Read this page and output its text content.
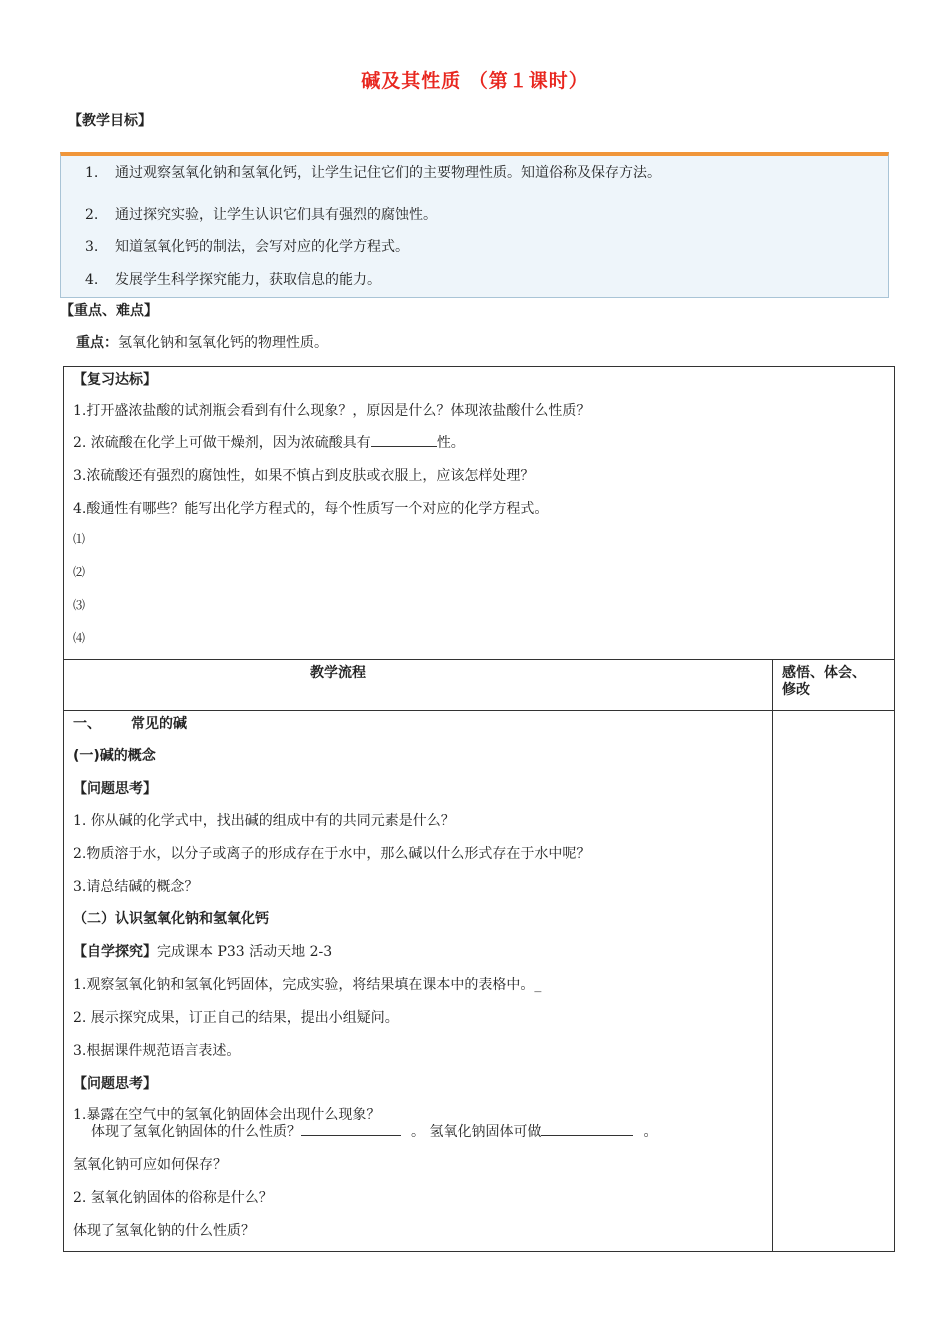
碱及其性质 （第１课时）
【教学目标】
1. 通过观察氢氧化钠和氢氧化钙，让学生记住它们的主要物理性质。知道俗称及保存方法。
2. 通过探究实验，让学生认识它们具有强烈的腐蚀性。
3. 知道氢氧化钙的制法，会写对应的化学方程式。
4. 发展学生科学探究能力，获取信息的能力。
【重点、难点】
重点：氢氧化钠和氢氧化钙的物理性质。
【复习达标】
1.打开盛浓盐酸的试剂瓶会看到有什么现象？，原因是什么？体现浓盐酸什么性质？
2. 浓硫酸在化学上可做干燥剂，因为浓硫酸具有	性。
3.浓硫酸还有强烈的腐蚀性，如果不慎占到皮肤或衣服上，应该怎样处理？
4.酸通性有哪些？能写出化学方程式的，每个性质写一个对应的化学方程式。
⑴
⑵
⑶
⑷
教学流程	感悟、体会、
修改
一、 常见的碱
(一)碱的概念
【问题思考】
1. 你从碱的化学式中，找出碱的组成中有的共同元素是什么？
2.物质溶于水，以分子或离子的形成存在于水中，那么碱以什么形式存在于水中呢？
3.请总结碱的概念？
（二）认识氢氧化钠和氢氧化钙
【自学探究】完成课本 P33 活动天地 2-3
1.观察氢氧化钠和氢氧化钙固体，完成实验，将结果填在课本中的表格中。_
2. 展示探究成果，订正自己的结果，提出小组疑问。
3.根据课件规范语言表述。
【问题思考】
1.暴露在空气中的氢氧化钠固体会出现什么现象？
体现了氢氧化钠固体的什么性质？	。 氢氧化钠固体可做	。
氢氧化钠可应如何保存？
2. 氢氧化钠固体的俗称是什么？
体现了氢氧化钠的什么性质？
